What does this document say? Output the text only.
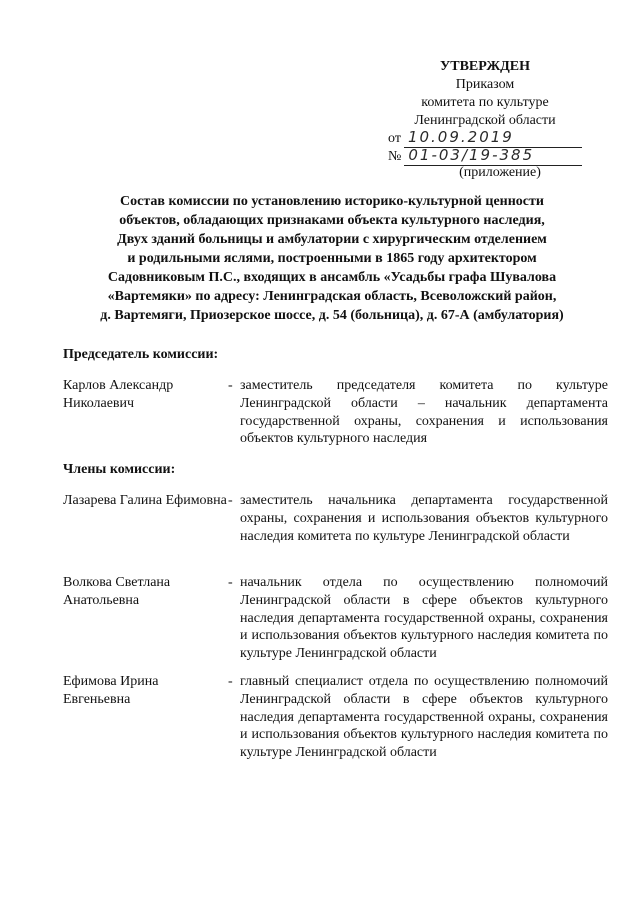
УТВЕРЖДЕН
Приказом
комитета по культуре
Ленинградской области
от 10.09.2019
№ 01-03/19-385
(приложение)
Состав комиссии по установлению историко-культурной ценности
объектов, обладающих признаками объекта культурного наследия,
Двух зданий больницы и амбулатории с хирургическим отделением
и родильными яслями, построенными в 1865 году архитектором
Садовниковым П.С., входящих в ансамбль «Усадьбы графа Шувалова
«Вартемяки» по адресу: Ленинградская область, Всеволожский район,
д. Вартемяги, Приозерское шоссе, д. 54 (больница), д. 67-А (амбулатория)
Председатель комиссии:
Карлов Александр Николаевич
- заместитель председателя комитета по культуре Ленинградской области – начальник департамента государственной охраны, сохранения и использования объектов культурного наследия
Члены комиссии:
Лазарева Галина Ефимовна - заместитель начальника департамента государственной охраны, сохранения и использования объектов культурного наследия комитета по культуре Ленинградской области
Волкова Светлана Анатольевна
- начальник отдела по осуществлению полномочий Ленинградской области в сфере объектов культурного наследия департамента государственной охраны, сохранения и использования объектов культурного наследия комитета по культуре Ленинградской области
Ефимова Ирина Евгеньевна
- главный специалист отдела по осуществлению полномочий Ленинградской области в сфере объектов культурного наследия департамента государственной охраны, сохранения и использования объектов культурного наследия комитета по культуре Ленинградской области
